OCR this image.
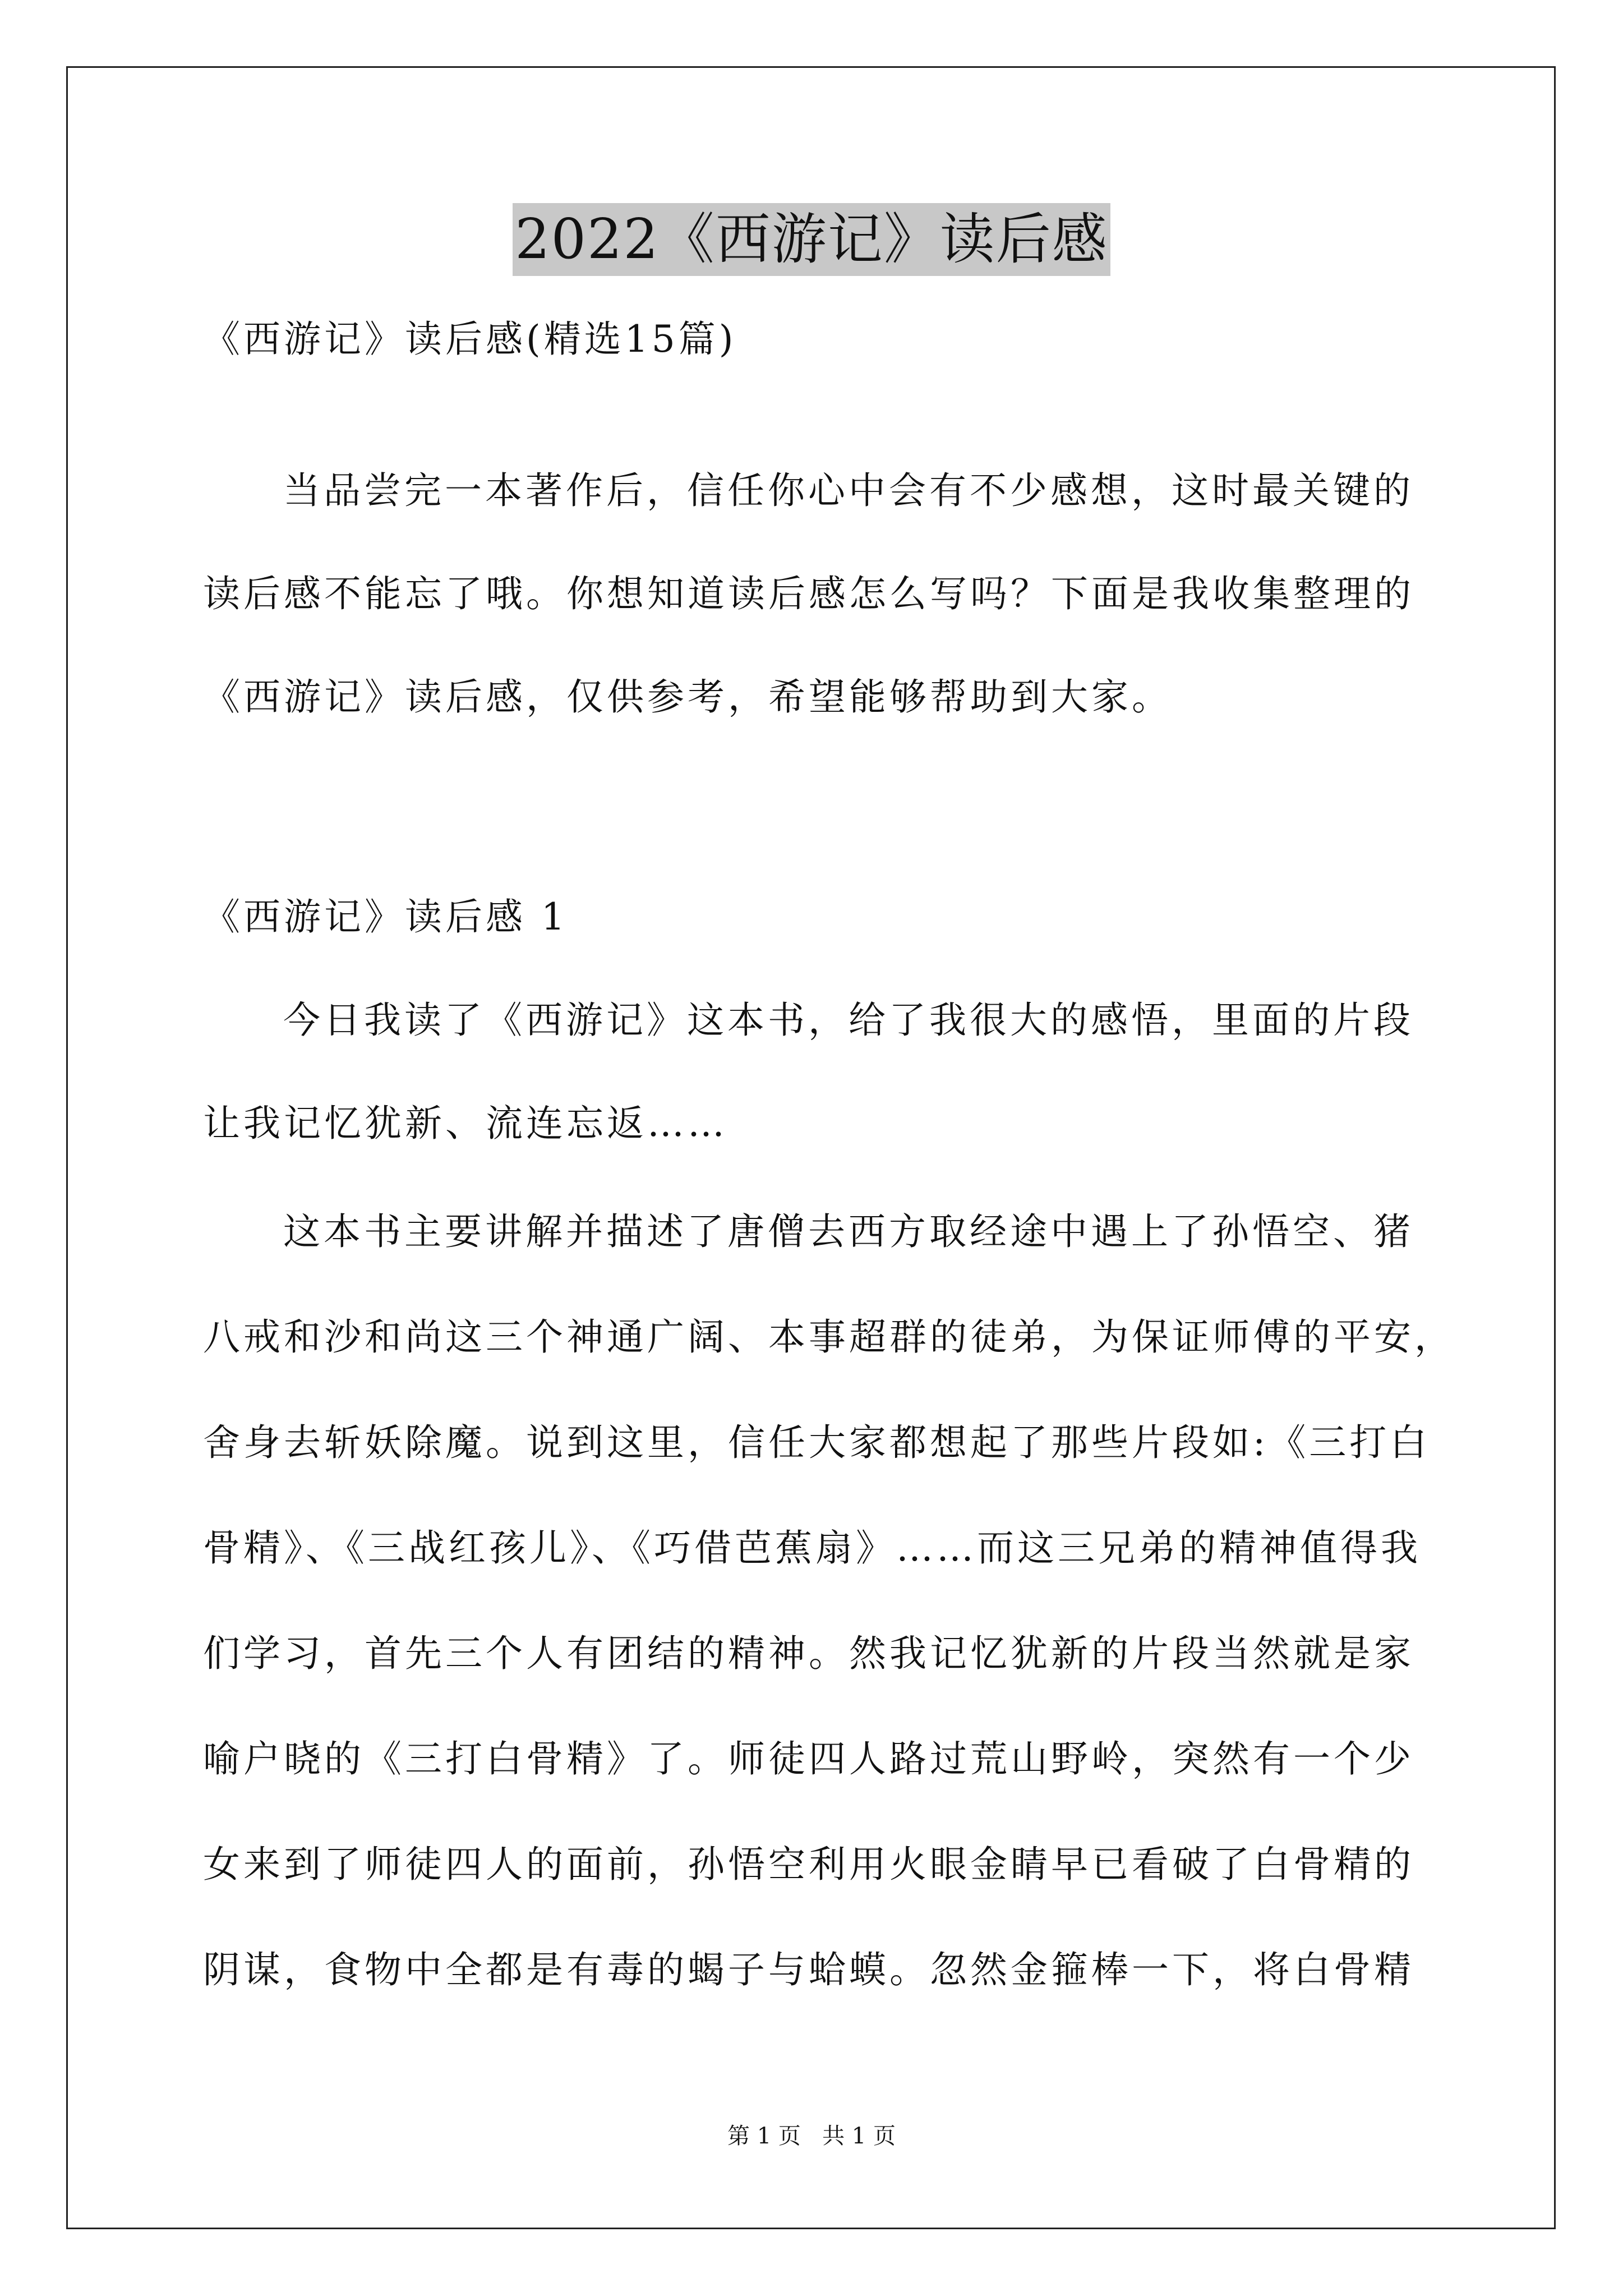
2022《西游记》读后感
《西游记》读后感(精选15篇)
当品尝完一本著作后，信任你心中会有不少感想，这时最关键的
读后感不能忘了哦。你想知道读后感怎么写吗？下面是我收集整理的
《西游记》读后感，仅供参考，希望能够帮助到大家。
《西游记》读后感 1
今日我读了《西游记》这本书，给了我很大的感悟，里面的片段
让我记忆犹新、流连忘返……
这本书主要讲解并描述了唐僧去西方取经途中遇上了孙悟空、猪
八戒和沙和尚这三个神通广阔、本事超群的徒弟，为保证师傅的平安，
舍身去斩妖除魔。说到这里，信任大家都想起了那些片段如:《三打白
骨精》、《三战红孩儿》、《巧借芭蕉扇》……而这三兄弟的精神值得我
们学习，首先三个人有团结的精神。然我记忆犹新的片段当然就是家
喻户晓的《三打白骨精》了。师徒四人路过荒山野岭，突然有一个少
女来到了师徒四人的面前，孙悟空利用火眼金睛早已看破了白骨精的
阴谋，食物中全都是有毒的蝎子与蛤蟆。忽然金箍棒一下，将白骨精
第 1 页   共 1 页
